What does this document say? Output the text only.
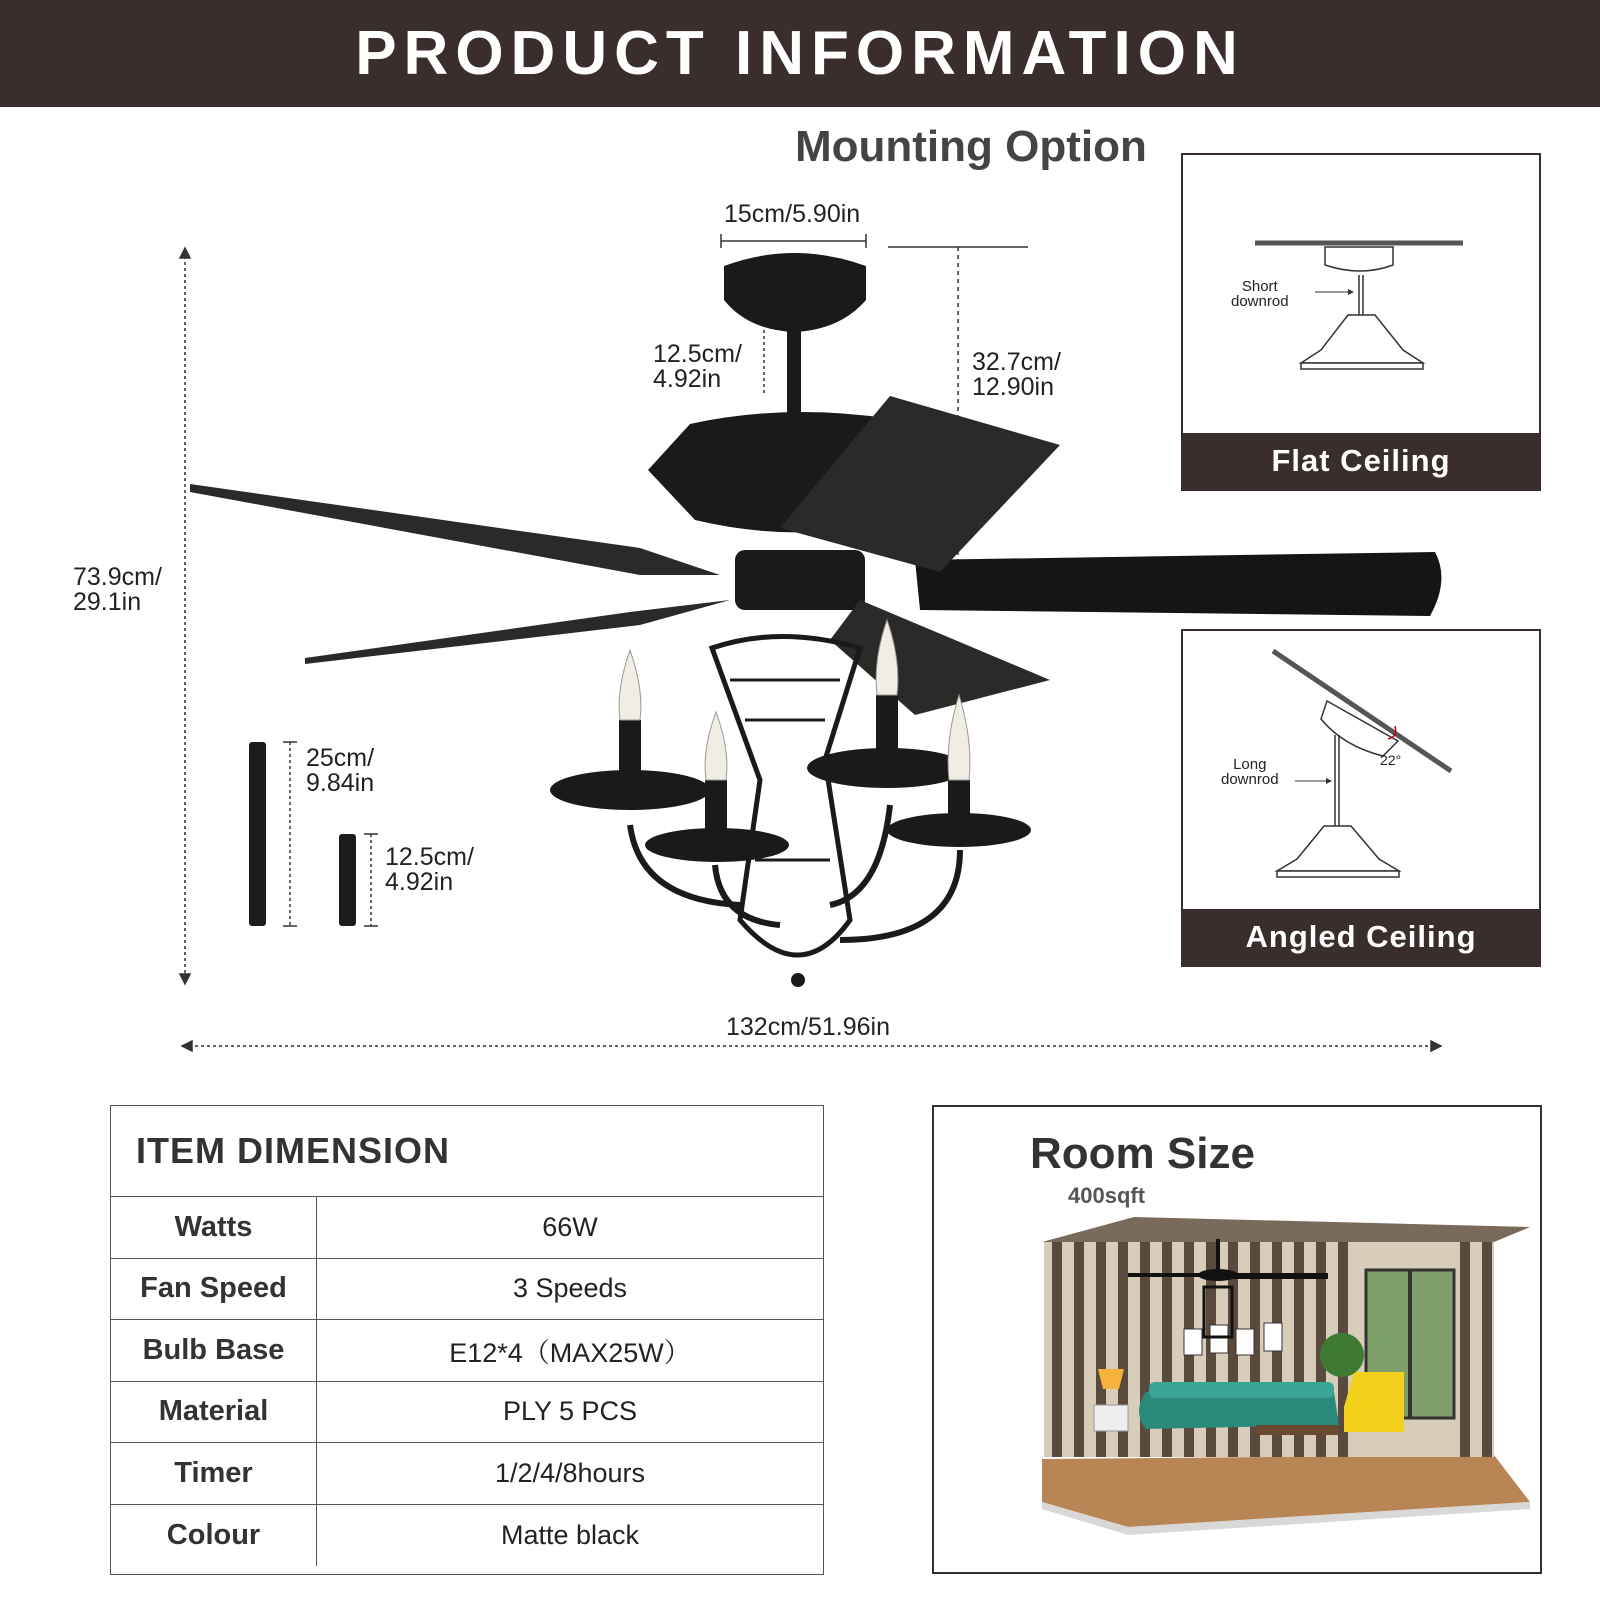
PRODUCT INFORMATION
Mounting Option
15cm/5.90in
12.5cm/
4.92in
32.7cm/
12.90in
73.9cm/
29.1in
25cm/
9.84in
12.5cm/
4.92in
132cm/51.96in
Short
downrod
Flat Ceiling
22°
Long
downrod
Angled Ceiling
ITEM DIMENSION
Watts	66W
Fan Speed	3 Speeds
Bulb Base	E12*4（MAX25W）
Material	PLY 5 PCS
Timer	1/2/4/8hours
Colour	Matte black
Room Size
400sqft
